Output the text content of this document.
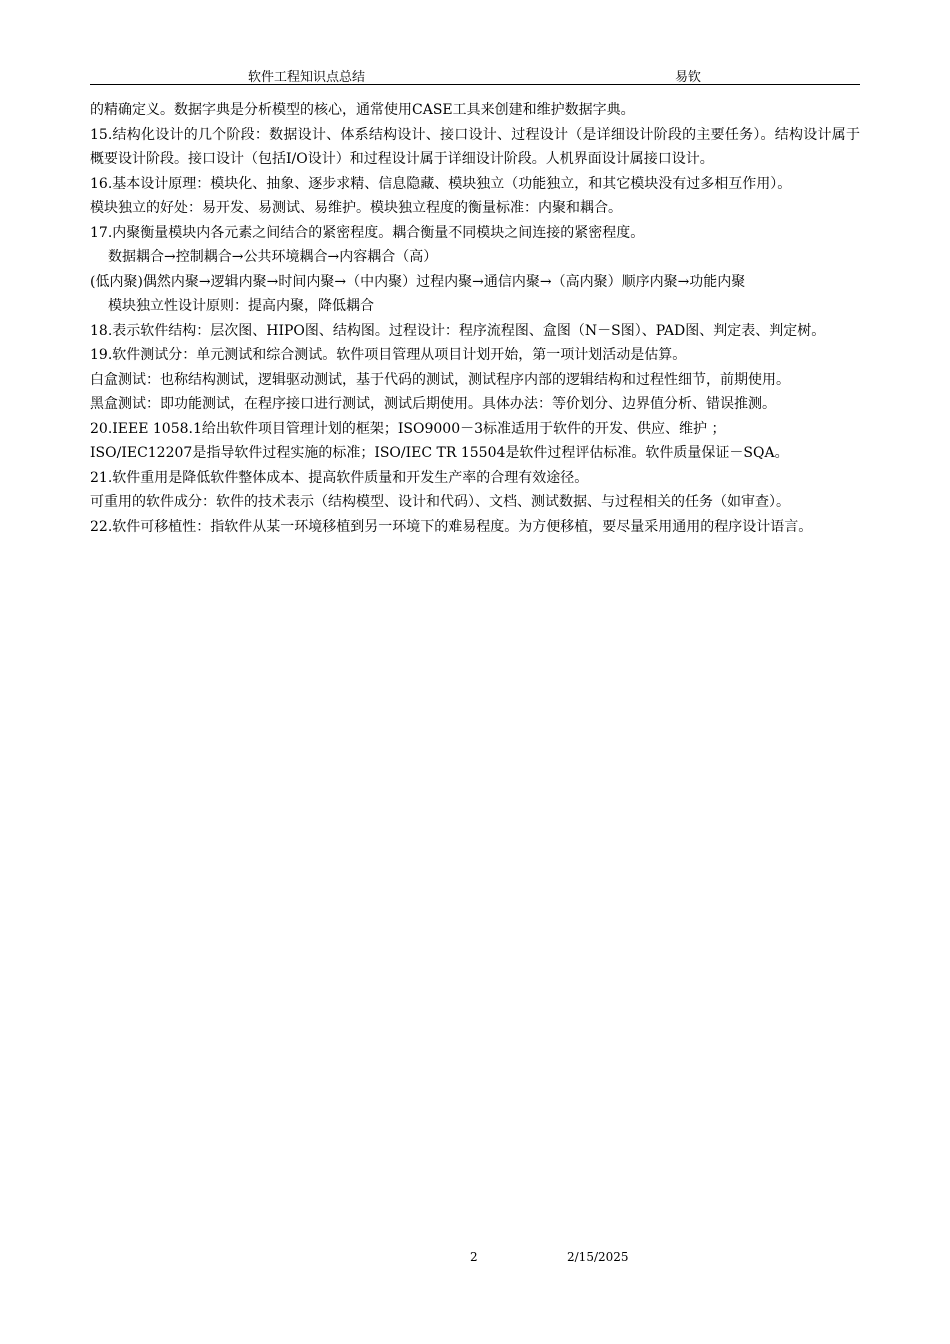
软件工程知识点总结	易钦

的精确定义。数据字典是分析模型的核心，通常使用CASE工具来创建和维护数据字典。

15.结构化设计的几个阶段：数据设计、体系结构设计、接口设计、过程设计（是详细设计阶段的主要任务）。结构设计属于概要设计阶段。接口设计（包括I/O设计）和过程设计属于详细设计阶段。人机界面设计属接口设计。

16.基本设计原理：模块化、抽象、逐步求精、信息隐藏、模块独立（功能独立，和其它模块没有过多相互作用）。

模块独立的好处：易开发、易测试、易维护。模块独立程度的衡量标准：内聚和耦合。

17.内聚衡量模块内各元素之间结合的紧密程度。耦合衡量不同模块之间连接的紧密程度。

数据耦合→控制耦合→公共环境耦合→内容耦合（高）

(低内聚)偶然内聚→逻辑内聚→时间内聚→（中内聚）过程内聚→通信内聚→（高内聚）顺序内聚→功能内聚

模块独立性设计原则：提高内聚，降低耦合

18.表示软件结构：层次图、HIPO图、结构图。过程设计：程序流程图、盒图（N－S图）、PAD图、判定表、判定树。

19.软件测试分：单元测试和综合测试。软件项目管理从项目计划开始，第一项计划活动是估算。

白盒测试：也称结构测试，逻辑驱动测试，基于代码的测试，测试程序内部的逻辑结构和过程性细节，前期使用。

黑盒测试：即功能测试，在程序接口进行测试，测试后期使用。具体办法：等价划分、边界值分析、错误推测。

20.IEEE 1058.1给出软件项目管理计划的框架；ISO9000－3标准适用于软件的开发、供应、维护 ；

ISO/IEC12207是指导软件过程实施的标准；ISO/IEC TR 15504是软件过程评估标准。软件质量保证－SQA。

21.软件重用是降低软件整体成本、提高软件质量和开发生产率的合理有效途径。

可重用的软件成分：软件的技术表示（结构模型、设计和代码）、文档、测试数据、与过程相关的任务（如审查）。

22.软件可移植性：指软件从某一环境移植到另一环境下的难易程度。为方便移植，要尽量采用通用的程序设计语言。

2	2/15/2025
